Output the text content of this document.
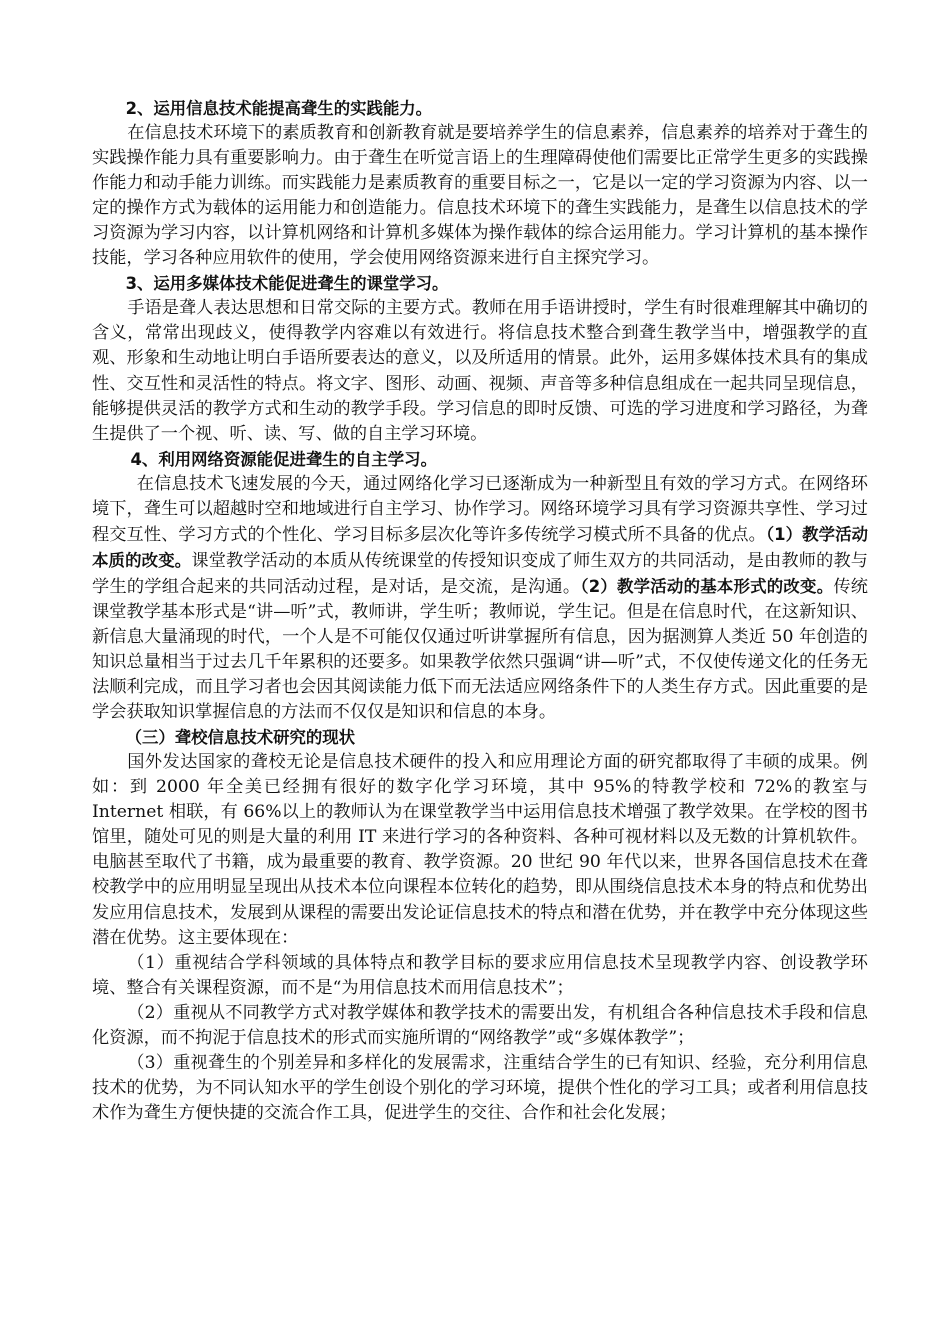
2、运用信息技术能提高聋生的实践能力。

在信息技术环境下的素质教育和创新教育就是要培养学生的信息素养，信息素养的培养对于聋生的实践操作能力具有重要影响力。由于聋生在听觉言语上的生理障碍使他们需要比正常学生更多的实践操作能力和动手能力训练。而实践能力是素质教育的重要目标之一，它是以一定的学习资源为内容、以一定的操作方式为载体的运用能力和创造能力。信息技术环境下的聋生实践能力，是聋生以信息技术的学习资源为学习内容，以计算机网络和计算机多媒体为操作载体的综合运用能力。学习计算机的基本操作技能，学习各种应用软件的使用，学会使用网络资源来进行自主探究学习。

3、运用多媒体技术能促进聋生的课堂学习。

手语是聋人表达思想和日常交际的主要方式。教师在用手语讲授时，学生有时很难理解其中确切的含义，常常出现歧义，使得教学内容难以有效进行。将信息技术整合到聋生教学当中，增强教学的直观、形象和生动地让明白手语所要表达的意义，以及所适用的情景。此外，运用多媒体技术具有的集成性、交互性和灵活性的特点。将文字、图形、动画、视频、声音等多种信息组成在一起共同呈现信息，能够提供灵活的教学方式和生动的教学手段。学习信息的即时反馈、可选的学习进度和学习路径，为聋生提供了一个视、听、读、写、做的自主学习环境。

4、利用网络资源能促进聋生的自主学习。

在信息技术飞速发展的今天，通过网络化学习已逐渐成为一种新型且有效的学习方式。在网络环境下，聋生可以超越时空和地域进行自主学习、协作学习。网络环境学习具有学习资源共享性、学习过程交互性、学习方式的个性化、学习目标多层次化等许多传统学习模式所不具备的优点。（1）教学活动本质的改变。课堂教学活动的本质从传统课堂的传授知识变成了师生双方的共同活动，是由教师的教与学生的学组合起来的共同活动过程，是对话，是交流，是沟通。（2）教学活动的基本形式的改变。传统课堂教学基本形式是“讲—听”式，教师讲，学生听；教师说，学生记。但是在信息时代，在这新知识、新信息大量涌现的时代，一个人是不可能仅仅通过听讲掌握所有信息，因为据测算人类近 50 年创造的知识总量相当于过去几千年累积的还要多。如果教学依然只强调“讲—听”式，不仅使传递文化的任务无法顺利完成，而且学习者也会因其阅读能力低下而无法适应网络条件下的人类生存方式。因此重要的是学会获取知识掌握信息的方法而不仅仅是知识和信息的本身。

（三）聋校信息技术研究的现状

国外发达国家的聋校无论是信息技术硬件的投入和应用理论方面的研究都取得了丰硕的成果。例如：到 2000 年全美已经拥有很好的数字化学习环境，其中 95%的特教学校和 72%的教室与 Internet 相联，有 66%以上的教师认为在课堂教学当中运用信息技术增强了教学效果。在学校的图书馆里，随处可见的则是大量的利用 IT 来进行学习的各种资料、各种可视材料以及无数的计算机软件。电脑甚至取代了书籍，成为最重要的教育、教学资源。20 世纪 90 年代以来，世界各国信息技术在聋校教学中的应用明显呈现出从技术本位向课程本位转化的趋势，即从围绕信息技术本身的特点和优势出发应用信息技术，发展到从课程的需要出发论证信息技术的特点和潜在优势，并在教学中充分体现这些潜在优势。这主要体现在：

（1）重视结合学科领域的具体特点和教学目标的要求应用信息技术呈现教学内容、创设教学环境、整合有关课程资源，而不是“为用信息技术而用信息技术”；

（2）重视从不同教学方式对教学媒体和教学技术的需要出发，有机组合各种信息技术手段和信息化资源，而不拘泥于信息技术的形式而实施所谓的“网络教学”或“多媒体教学”；

（3）重视聋生的个别差异和多样化的发展需求，注重结合学生的已有知识、经验，充分利用信息技术的优势，为不同认知水平的学生创设个别化的学习环境，提供个性化的学习工具；或者利用信息技术作为聋生方便快捷的交流合作工具，促进学生的交往、合作和社会化发展；
